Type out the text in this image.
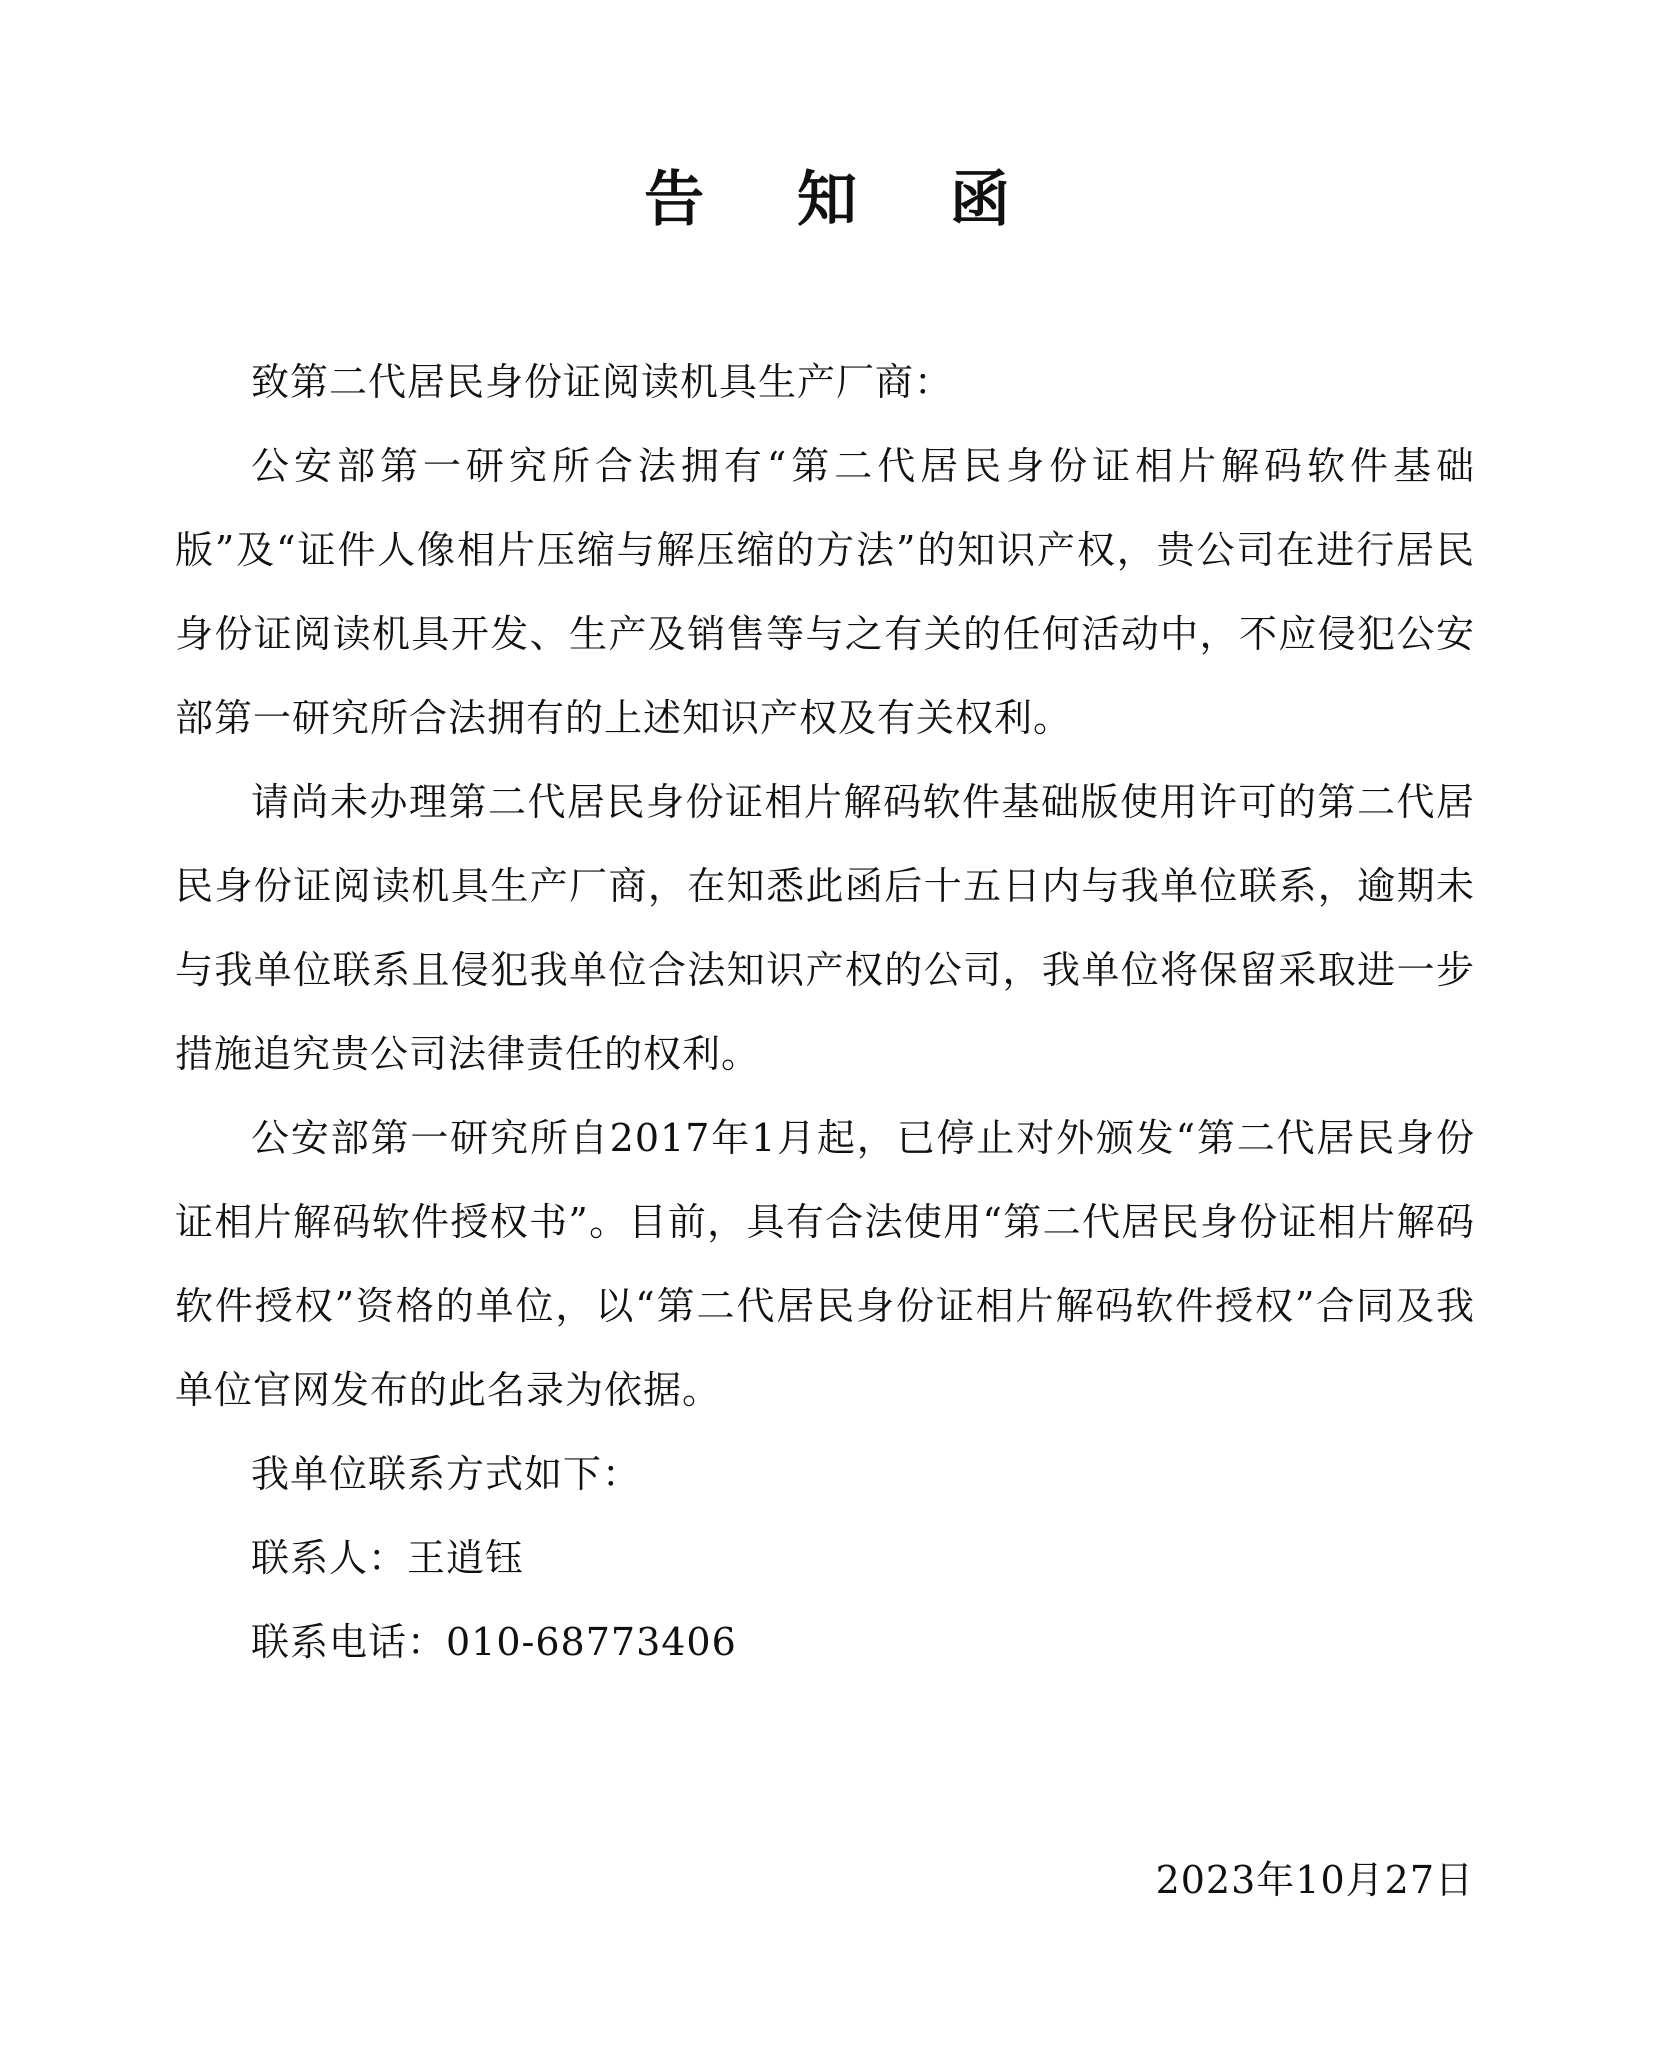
告 知 函

致第二代居民身份证阅读机具生产厂商：

公安部第一研究所合法拥有“第二代居民身份证相片解码软件基础版”及“证件人像相片压缩与解压缩的方法”的知识产权，贵公司在进行居民身份证阅读机具开发、生产及销售等与之有关的任何活动中，不应侵犯公安部第一研究所合法拥有的上述知识产权及有关权利。

请尚未办理第二代居民身份证相片解码软件基础版使用许可的第二代居民身份证阅读机具生产厂商，在知悉此函后十五日内与我单位联系，逾期未与我单位联系且侵犯我单位合法知识产权的公司，我单位将保留采取进一步措施追究贵公司法律责任的权利。

公安部第一研究所自2017年1月起，已停止对外颁发“第二代居民身份证相片解码软件授权书”。目前，具有合法使用“第二代居民身份证相片解码软件授权”资格的单位，以“第二代居民身份证相片解码软件授权”合同及我单位官网发布的此名录为依据。

我单位联系方式如下：

联系人：王逍钰

联系电话：010-68773406

2023年10月27日
